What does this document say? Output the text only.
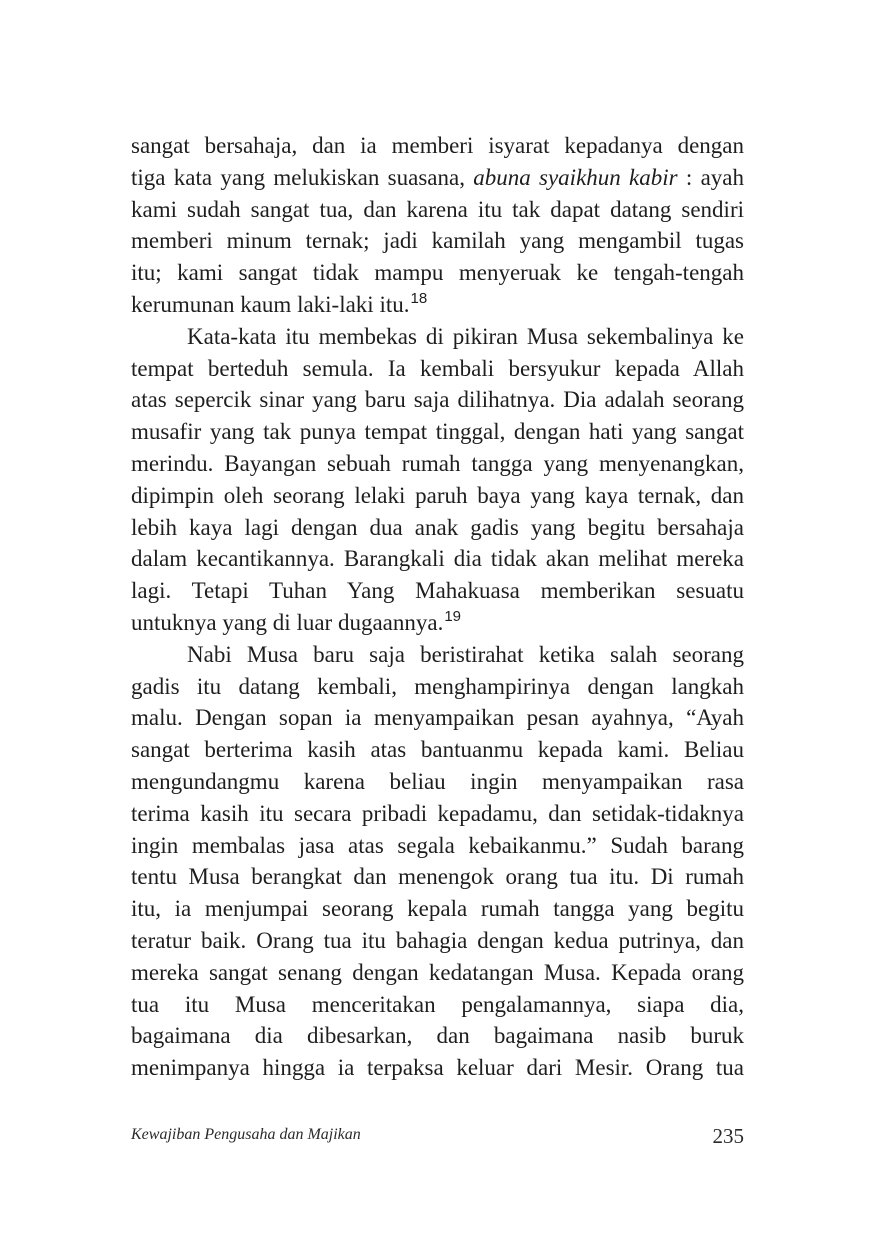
sangat bersahaja, dan ia memberi isyarat kepadanya dengan
tiga kata yang melukiskan suasana, abuna syaikhun kabir : ayah
kami sudah sangat tua, dan karena itu tak dapat datang sendiri
memberi minum ternak; jadi kamilah yang mengambil tugas
itu; kami sangat tidak mampu menyeruak ke tengah-tengah
kerumunan kaum laki-laki itu.$^{18}$
Kata-kata itu membekas di pikiran Musa sekembalinya ke
tempat berteduh semula. Ia kembali bersyukur kepada Allah
atas sepercik sinar yang baru saja dilihatnya. Dia adalah seorang
musafir yang tak punya tempat tinggal, dengan hati yang sangat
merindu. Bayangan sebuah rumah tangga yang menyenangkan,
dipimpin oleh seorang lelaki paruh baya yang kaya ternak, dan
lebih kaya lagi dengan dua anak gadis yang begitu bersahaja
dalam kecantikannya. Barangkali dia tidak akan melihat mereka
lagi. Tetapi Tuhan Yang Mahakuasa memberikan sesuatu
untuknya yang di luar dugaannya.$^{19}$
Nabi Musa baru saja beristirahat ketika salah seorang
gadis itu datang kembali, menghampirinya dengan langkah
malu. Dengan sopan ia menyampaikan pesan ayahnya, “Ayah
sangat berterima kasih atas bantuanmu kepada kami. Beliau
mengundangmu karena beliau ingin menyampaikan rasa
terima kasih itu secara pribadi kepadamu, dan setidak-tidaknya
ingin membalas jasa atas segala kebaikanmu.” Sudah barang
tentu Musa berangkat dan menengok orang tua itu. Di rumah
itu, ia menjumpai seorang kepala rumah tangga yang begitu
teratur baik. Orang tua itu bahagia dengan kedua putrinya, dan
mereka sangat senang dengan kedatangan Musa. Kepada orang
tua itu Musa menceritakan pengalamannya, siapa dia,
bagaimana dia dibesarkan, dan bagaimana nasib buruk
menimpanya hingga ia terpaksa keluar dari Mesir. Orang tua
Kewajiban Pengusaha dan Majikan	235
